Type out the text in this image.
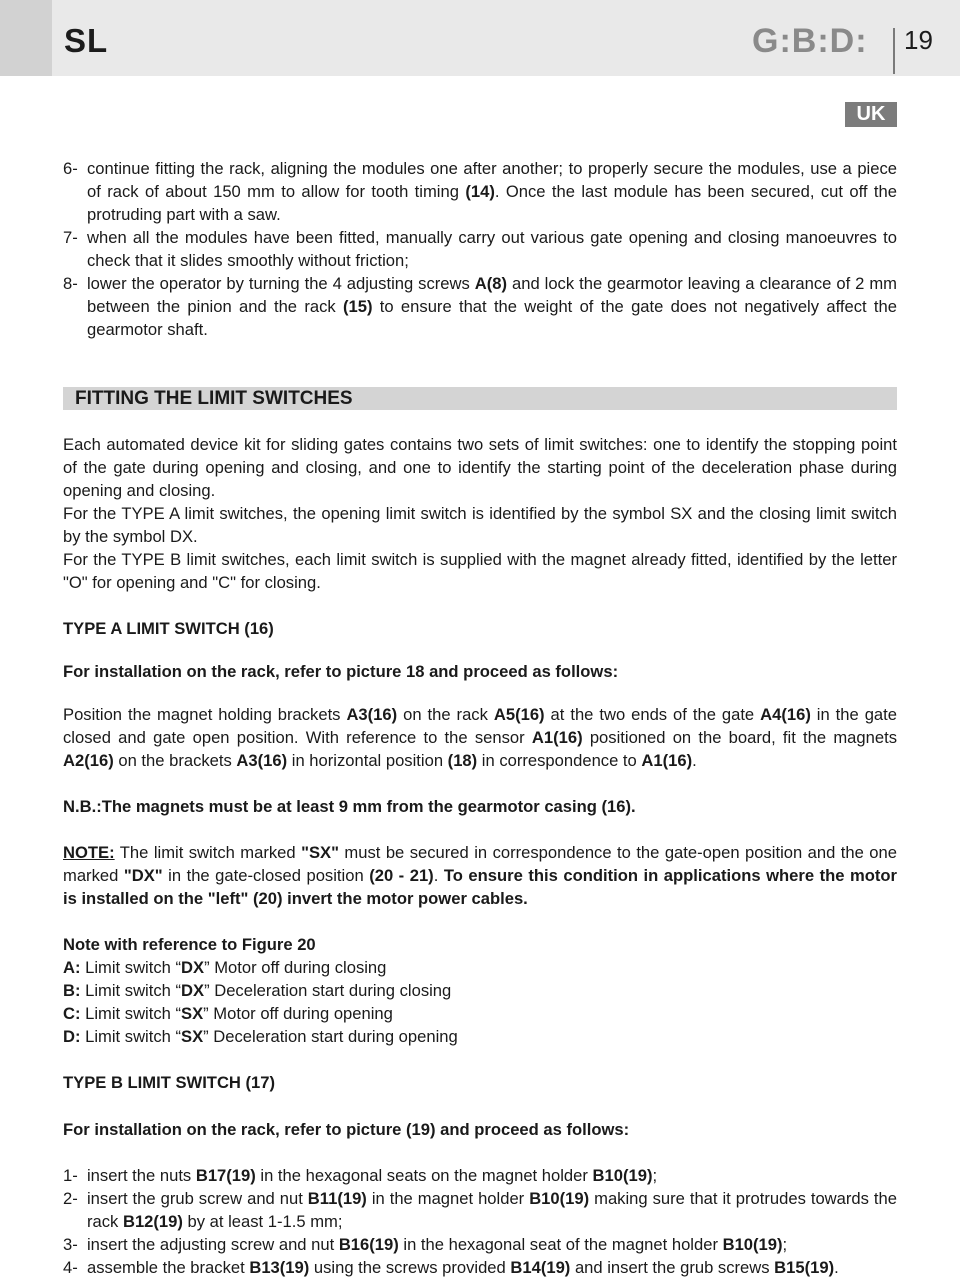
SL	G:B:D: 19
UK
6- continue fitting the rack, aligning the modules one after another; to properly secure the modules, use a piece of rack of about 150 mm to allow for tooth timing (14). Once the last module has been secured, cut off the protruding part with a saw.
7- when all the modules have been fitted, manually carry out various gate opening and closing manoeuvres to check that it slides smoothly without friction;
8- lower the operator by turning the 4 adjusting screws A(8) and lock the gearmotor leaving a clearance of 2 mm between the pinion and the rack (15) to ensure that the weight of the gate does not negatively affect the gearmotor shaft.
FITTING THE LIMIT SWITCHES

Each automated device kit for sliding gates contains two sets of limit switches: one to identify the stopping point of the gate during opening and closing, and one to identify the starting point of the deceleration phase during opening and closing.

For the TYPE A limit switches, the opening limit switch is identified by the symbol SX and the closing limit switch by the symbol DX.

For the TYPE B limit switches, each limit switch is supplied with the magnet already fitted, identified by the letter "O" for opening and "C" for closing.

TYPE A LIMIT SWITCH (16)

For installation on the rack, refer to picture 18 and proceed as follows:

Position the magnet holding brackets A3(16) on the rack A5(16) at the two ends of the gate A4(16) in the gate closed and gate open position. With reference to the sensor A1(16) positioned on the board, fit the magnets A2(16) on the brackets A3(16) in horizontal position (18) in correspondence to A1(16).

N.B.:The magnets must be at least 9 mm from the gearmotor casing (16).

NOTE: The limit switch marked "SX" must be secured in correspondence to the gate-open position and the one marked "DX" in the gate-closed position (20 - 21). To ensure this condition in applications where the motor is installed on the "left" (20) invert the motor power cables.

Note with reference to Figure 20

A: Limit switch “DX” Motor off during closing

B: Limit switch “DX” Deceleration start during closing

C: Limit switch “SX” Motor off during opening

D: Limit switch “SX” Deceleration start during opening

TYPE B LIMIT SWITCH (17)

For installation on the rack, refer to picture (19) and proceed as follows:

1- insert the nuts B17(19) in the hexagonal seats on the magnet holder B10(19);
2- insert the grub screw and nut B11(19) in the magnet holder B10(19) making sure that it protrudes towards the rack B12(19) by at least 1-1.5 mm;
3- insert the adjusting screw and nut B16(19) in the hexagonal seat of the magnet holder B10(19);
4- assemble the bracket B13(19) using the screws provided B14(19) and insert the grub screws B15(19).
